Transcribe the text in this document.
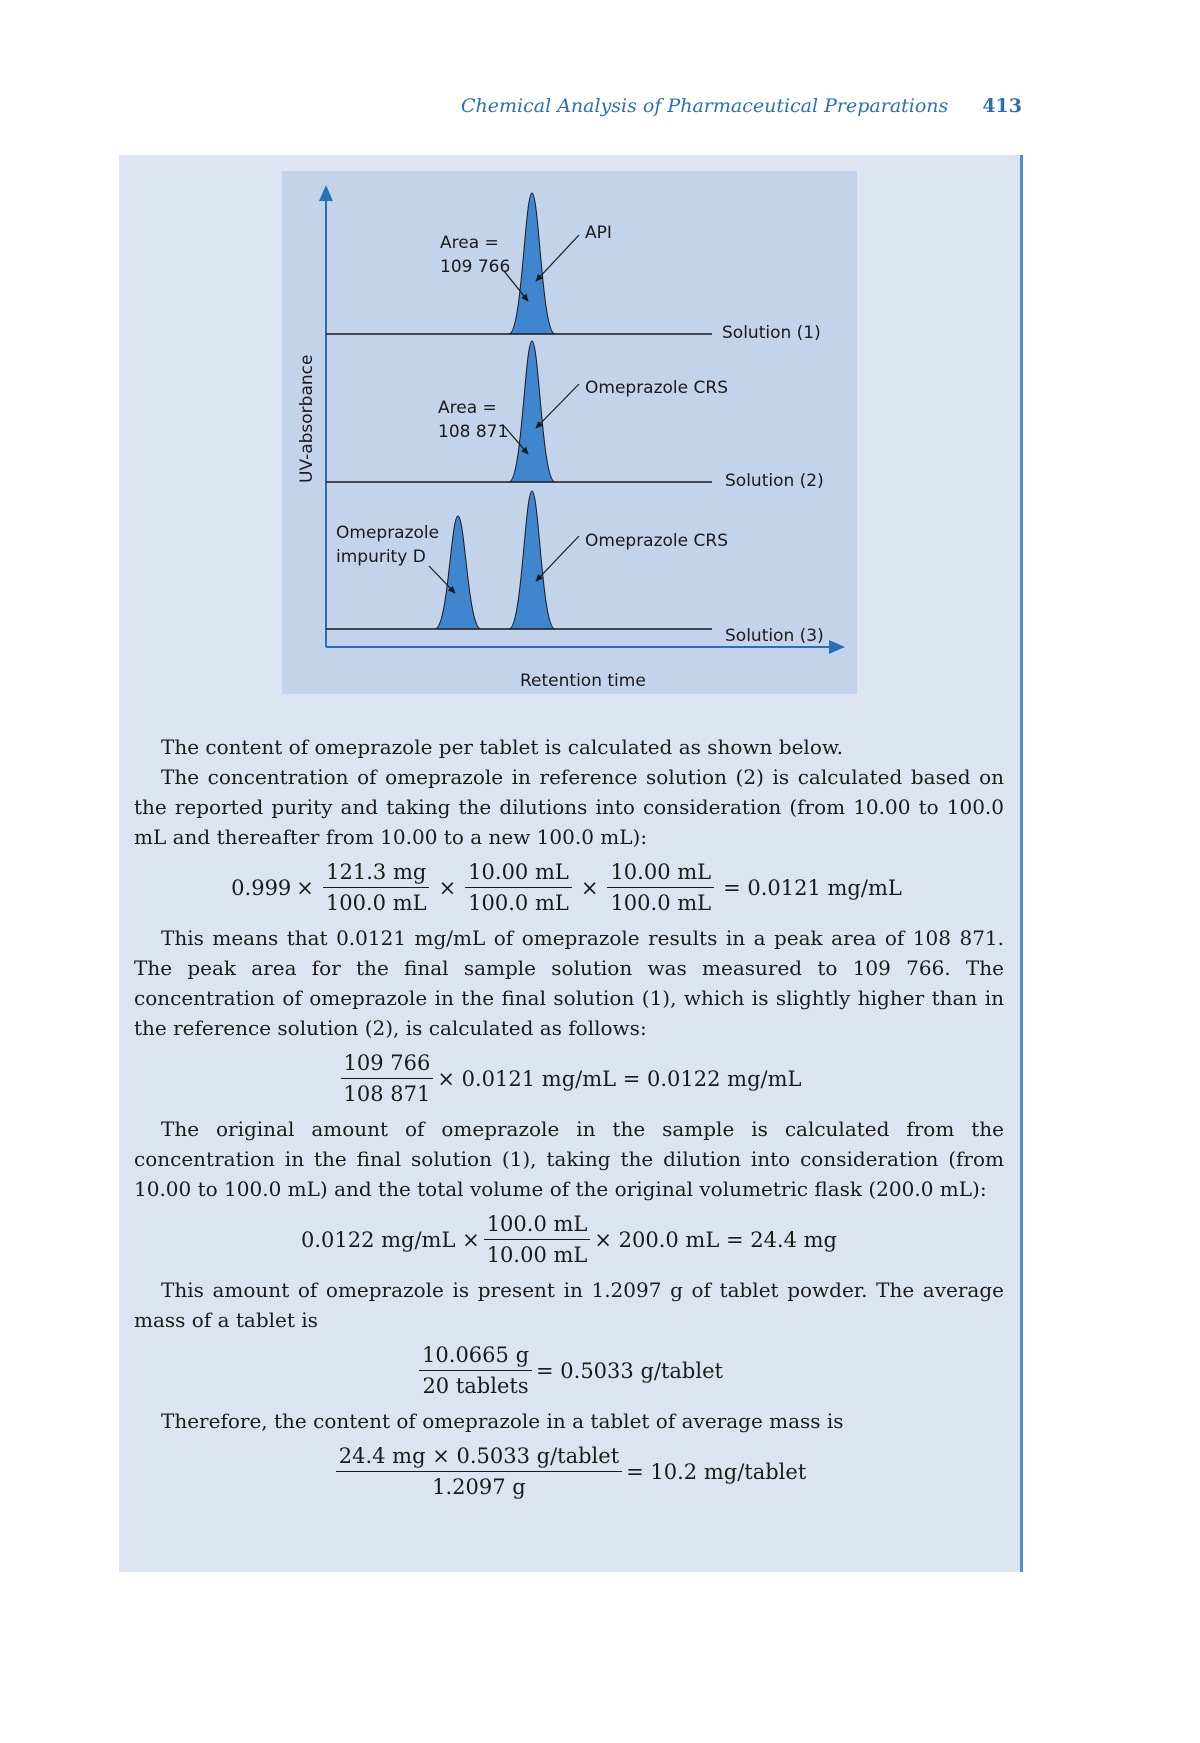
Chemical Analysis of Pharmaceutical Preparations 413
Area =
109 766
API
Solution (1)
Area =
108 871
Omeprazole CRS
Solution (2)
Omeprazole
impurity D
Omeprazole CRS
Solution (3)
Retention time
UV-absorbance

The content of omeprazole per tablet is calculated as shown below.

The concentration of omeprazole in reference solution (2) is calculated based on the reported purity and taking the dilutions into consideration (from 10.00 to 100.0 mL and thereafter from 10.00 to a new 100.0 mL):

$0.999 \times \frac{121.3 mg}{100.0 mL} \times \frac{10.00 mL}{100.0 mL} \times \frac{10.00 mL}{100.0 mL} = 0.0121$ mg/mL

This means that 0.0121 mg/mL of omeprazole results in a peak area of 108 871. The peak area for the final sample solution was measured to 109 766. The concentration of omeprazole in the final solution (1), which is slightly higher than in the reference solution (2), is calculated as follows:

$\frac{109 766}{108 871} \times 0.0121$ mg/mL = 0.0122 mg/mL

The original amount of omeprazole in the sample is calculated from the concentration in the final solution (1), taking the dilution into consideration (from 10.00 to 100.0 mL) and the total volume of the original volumetric flask (200.0 mL):

0.0122 $mg/mL \times \frac{100.0 mL}{10.00 mL} \times 200.0$ mL = 24.4 mg

This amount of omeprazole is present in 1.2097 g of tablet powder. The average mass of a tablet is

$\frac{10.0665 g}{\text{20 tablets}} = 0.5033$ g/tablet

Therefore, the content of omeprazole in a tablet of average mass is

$\frac{\text{24.4 mg × 0.5033 g/tablet}}{1.2097 g} = 10.2$ mg/tablet
